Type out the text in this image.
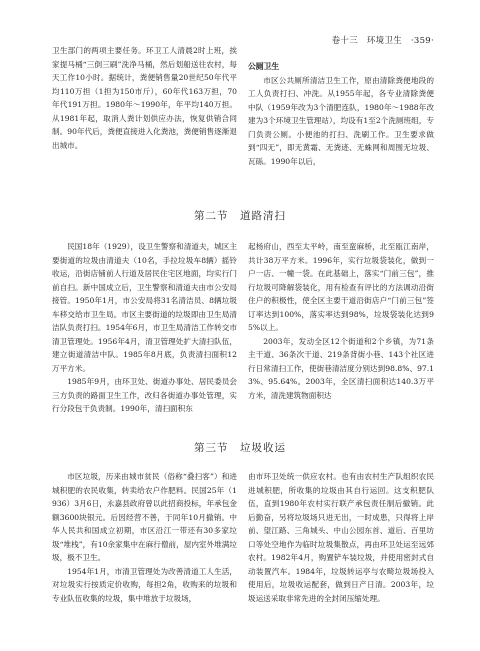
卷十三　环境卫生　·359·

卫生部门的两项主要任务。环卫工人清晨2时上班，挨家提马桶“三倒三刷”洗净马桶，然后划船送往农村，每天工作10小时。据统计，粪便销售量20世纪50年代平均110万担（1担为150市斤），60年代163万担，70年代191万担。1980年～1990年，年平均140万担。从1981年起，取消人粪计划供应办法，恢复供销合同制。90年代后，粪便直接进入化粪池，粪便销售逐渐退出城市。

公厕卫生

市区公共厕所清洁卫生工作，原由清除粪便地段的工人负责打扫、冲洗。从1955年起，各专业清除粪便中队（1959年改为3个清肥连队，1980年～1988年改建为3个环境卫生管理站），均设有1至2个洗厕班组，专门负责公厕。小便池的打扫、洗刷工作。卫生要求做到“四无”，即无黄霜、无粪迹、无蛛网和周围无垃圾、瓦砾。1990年以后，

第二节　道路清扫

民国18年（1929），设卫生警察和清道夫，城区主要街道的垃圾由清道夫（10名，手拉垃圾车8辆）摇铃收运，沿街店铺前人行道及居民住宅区地面，均实行门前自扫。新中国成立后，卫生警察和清道夫由市公安局接管。1950年1月，市公安局将31名清洁员、8辆垃圾车移交给市卫生局。市区主要街道的垃圾即由卫生局清洁队负责打扫。1954年6月，市卫生局清洁工作转交市清卫管理处。1956年4月，清卫管理处扩大清扫队伍，建立街道清洁中队。1985年8月底，负责清扫面积12万平方米。

1985年9月，由环卫处、街道办事处、居民委员会三方负责的路面卫生工作，改归各街道办事处管理，实行分段包干负责制。1990年，清扫面积东

起杨府山，西至太平岭，南至蛮麻桥，北至瓯江南岸，共计38万平方米。1996年，实行垃圾袋装化，做到一户一店、一幢一袋。在此基础上，落实“门前三包”，推行垃圾可降解袋装化，用有检查有评比的方法调动沿街住户的积极性，使全区主要干道沿街店户“门前三包”签订率达到100%，落实率达到98%，垃圾袋装化达到95%以上。

2003年，发动全区12个街道和2个乡镇，为71条主干道、36条次干道、219条背街小巷、143个社区进行日常清扫工作，使街巷清洁度分别达到98.8%、97.13%、95.64%。2003年，全区清扫面积达140.3万平方米，清洗建筑物面积达

第三节　垃圾收运

市区垃圾，历来由城市贫民（俗称“叠扫客”）和进城积肥的农民收集，转卖给农户作肥料。民国25年（1936）3月6日，永嘉县政府曾以此招商投标，年承包金额3600块银元。后因经营不善，于同年10月撤销。中华人民共和国成立初期，市区沿江一带还有30多家垃圾“堆栈”，有10余家集中在麻行僧前，屋内室外堆满垃圾，极不卫生。

1954年1月，市清卫管理处为改善清道工人生活，对垃圾实行按质定价收购，每担2角，收购来的垃圾和专业队伍收集的垃圾，集中堆放于垃圾场，

由市环卫处统一供应农村。也有由农村生产队组织农民进城积肥，所收集的垃圾由其自行运回。这支积肥队伍，直到1980年农村实行联产承包责任制后撤销。此后勤奋，另将垃圾场只进无出，一时成患，只得将上岸前、望江路、三角城头、中山公园东首、道后、百里坊口等处空地作为临时垃圾集散点，再由环卫处运至远郊农村。1982年4月，购置铲车装垃圾，并使用密封式自动装置汽车。1984年，垃圾转运亭与农畸垃圾场投入使用后，垃圾收运配套，做到日产日清。2003年，垃圾运送采取非常先进的全封闭压缩处理。
